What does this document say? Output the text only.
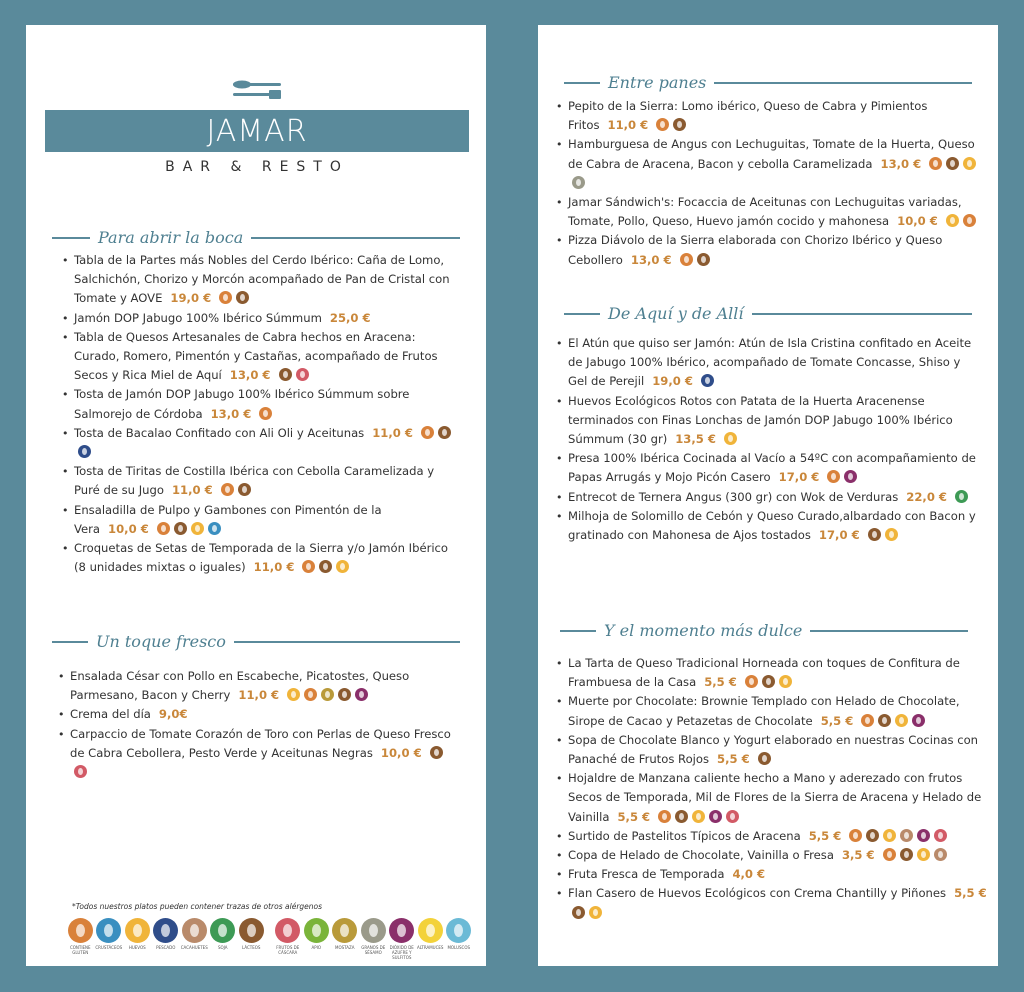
JAMAR
BAR & RESTO
Para abrir la boca
• Tabla de la Partes más Nobles del Cerdo Ibérico: Caña de Lomo, Salchichón, Chorizo y Morcón acompañado de Pan de Cristal con Tomate y AOVE 19,0 €
• Jamón DOP Jabugo 100% Ibérico Súmmum 25,0 €
• Tabla de Quesos Artesanales de Cabra hechos en Aracena: Curado, Romero, Pimentón y Castañas, acompañado de Frutos Secos y Rica Miel de Aquí 13,0 €
• Tosta de Jamón DOP Jabugo 100% Ibérico Súmmum sobre Salmorejo de Córdoba 13,0 €
• Tosta de Bacalao Confitado con Ali Oli y Aceitunas 11,0 €
• Tosta de Tiritas de Costilla Ibérica con Cebolla Caramelizada y Puré de su Jugo 11,0 €
• Ensaladilla de Pulpo y Gambones con Pimentón de la Vera 10,0 €
• Croquetas de Setas de Temporada de la Sierra y/o Jamón Ibérico (8 unidades mixtas o iguales) 11,0 €
Un toque fresco
• Ensalada César con Pollo en Escabeche, Picatostes, Queso Parmesano, Bacon y Cherry 11,0 €
• Crema del día 9,0€
• Carpaccio de Tomate Corazón de Toro con Perlas de Queso Fresco de Cabra Cebollera, Pesto Verde y Aceitunas Negras 10,0 €
*Todos nuestros platos pueden contener trazas de otros alérgenos
CONTIENE GLUTEN
CRUSTÁCEOS	HUEVOS	PESCADO	CACAHUETES	SOJA	LÁCTEOS	FRUTOS DE CÁSCARA
APIO	MOSTAZA	GRANOS DE SÉSAMO
DIÓXIDO DE AZUFRE Y SULFITOS
ALTRAMUCES MOLUSCOS
Entre panes
• Pepito de la Sierra: Lomo ibérico, Queso de Cabra y Pimientos Fritos 11,0 €
• Hamburguesa de Angus con Lechuguitas, Tomate de la Huerta, Queso de Cabra de Aracena, Bacon y cebolla Caramelizada 13,0 €
• Jamar Sándwich's: Focaccia de Aceitunas con Lechuguitas variadas, Tomate, Pollo, Queso, Huevo jamón cocido y mahonesa 10,0 €
• Pizza Diávolo de la Sierra elaborada con Chorizo Ibérico y Queso Cebollero 13,0 €
De Aquí y de Allí
• El Atún que quiso ser Jamón: Atún de Isla Cristina confitado en Aceite de Jabugo 100% Ibérico, acompañado de Tomate Concasse, Shiso y Gel de Perejil 19,0 €
• Huevos Ecológicos Rotos con Patata de la Huerta Aracenense terminados con Finas Lonchas de Jamón DOP Jabugo 100% Ibérico Súmmum (30 gr) 13,5 €
• Presa 100% Ibérica Cocinada al Vacío a 54ºC con acompañamiento de Papas Arrugás y Mojo Picón Casero 17,0 €
• Entrecot de Ternera Angus (300 gr) con Wok de Verduras 22,0 €
• Milhoja de Solomillo de Cebón y Queso Curado,albardado con Bacon y gratinado con Mahonesa de Ajos tostados 17,0 €
Y el momento más dulce
• La Tarta de Queso Tradicional Horneada con toques de Confitura de Frambuesa de la Casa 5,5 €
• Muerte por Chocolate: Brownie Templado con Helado de Chocolate, Sirope de Cacao y Petazetas de Chocolate 5,5 €
• Sopa de Chocolate Blanco y Yogurt elaborado en nuestras Cocinas con Panaché de Frutos Rojos 5,5 €
• Hojaldre de Manzana caliente hecho a Mano y aderezado con frutos Secos de Temporada, Mil de Flores de la Sierra de Aracena y Helado de Vainilla 5,5 €
• Surtido de Pastelitos Típicos de Aracena 5,5 €
• Copa de Helado de Chocolate, Vainilla o Fresa 3,5 €
• Fruta Fresca de Temporada 4,0 €
• Flan Casero de Huevos Ecológicos con Crema Chantilly y Piñones 5,5 €
